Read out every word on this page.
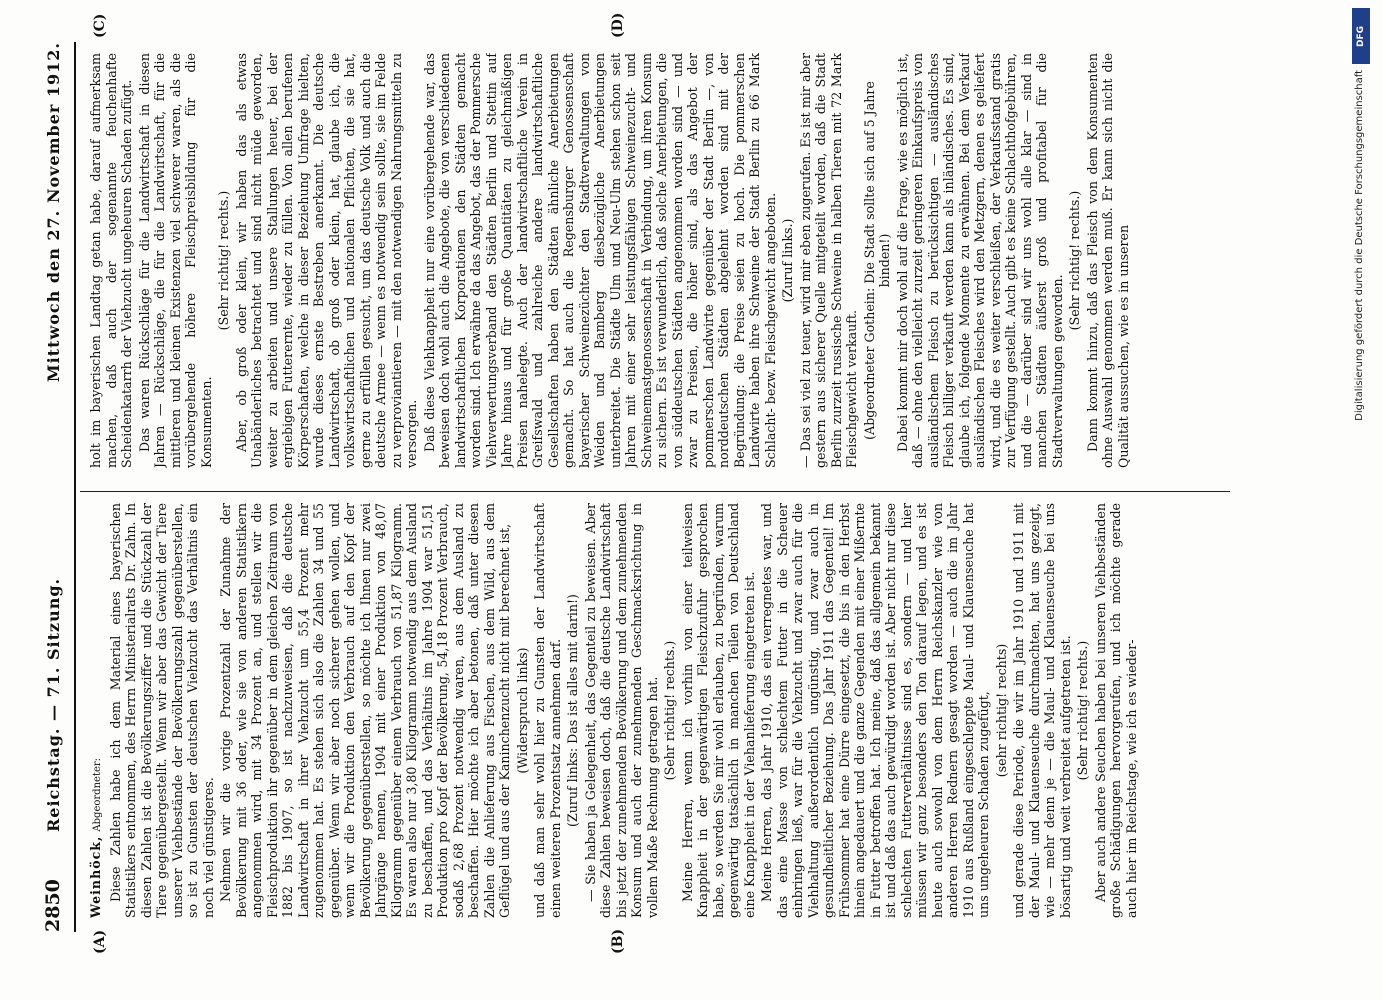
2850
Reichstag. — 71. Sitzung.
Mittwoch den 27. November 1912.
(A)	(B)
(C)	(D)

Weinhöck, Abgeordneter: Diese Zahlen habe ich dem Material eines bayerischen Statistikers entnommen, des Herrn Ministerialrats Dr. Zahn. In diesen Zahlen ist die Bevölkerungsziffer und die Stückzahl der Tiere gegenübergestellt. Wenn wir aber das Gewicht der Tiere unserer Viehbestände der Bevölkerungszahl gegenüberstellen, so ist zu Gunsten der deutschen Viehzucht das Verhältnis ein noch viel günstigeres. Nehmen wir die vorige Prozentzahl der Zunahme der Bevölkerung mit 36 oder, wie sie von anderen Statistikern angenommen wird, mit 34 Prozent an, und stellen wir die Fleischproduktion ihr gegenüber in dem gleichen Zeitraum von 1882 bis 1907, so ist nachzuweisen, daß die deutsche Landwirtschaft in ihrer Viehzucht um 55,4 Prozent mehr zugenommen hat. Es stehen sich also die Zahlen 34 und 55 gegenüber. Wenn wir aber noch sicherer gehen wollen, und wenn wir die Produktion den Verbrauch auf den Kopf der Bevölkerung gegenüberstellen, so möchte ich Ihnen nur zwei Jahrgänge nennen, 1904 mit einer Produktion von 48,07 Kilogramm gegenüber einem Verbrauch von 51,87 Kilogramm. Es waren also nur 3,80 Kilogramm notwendig aus dem Ausland zu beschaffen, und das Verhältnis im Jahre 1904 war 51,51 Produktion pro Kopf der Bevölkerung, 54,18 Prozent Verbrauch, sodaß 2,68 Prozent notwendig waren, aus dem Ausland zu beschaffen. Hier möchte ich aber betonen, daß unter diesen Zahlen die Anlieferung aus Fischen, aus dem Wild, aus dem Geflügel und aus der Kaninchenzucht nicht mit berechnet ist, (Widerspruch links) und daß man sehr wohl hier zu Gunsten der Landwirtschaft einen weiteren Prozentsatz annehmen darf. (Zuruf links: Das ist alles mit darin!) — Sie haben ja Gelegenheit, das Gegenteil zu beweisen. Aber diese Zahlen beweisen doch, daß die deutsche Landwirtschaft bis jetzt der zunehmenden Bevölkerung und dem zunehmenden Konsum und auch der zunehmenden Geschmacksrichtung in vollem Maße Rechnung getragen hat. (Sehr richtig! rechts.) Meine Herren, wenn ich vorhin von einer teilweisen Knappheit in der gegenwärtigen Fleischzufuhr gesprochen habe, so werden Sie mir wohl erlauben, zu begründen, warum gegenwärtig tatsächlich in manchen Teilen von Deutschland eine Knappheit in der Viehanlieferung eingetreten ist. Meine Herren, das Jahr 1910, das ein verregnetes war, und das eine Masse von schlechtem Futter in die Scheuer einbringen ließ, war für die Viehzucht und zwar auch für die Viehhaltung außerordentlich ungünstig, und zwar auch in gesundheitlicher Beziehung. Das Jahr 1911 das Gegenteil! Im Frühsommer hat eine Dürre eingesetzt, die bis in den Herbst hinein angedauert und die ganze Gegenden mit einer Mißernte in Futter betroffen hat. Ich meine, daß das allgemein bekannt ist und daß das auch gewürdigt worden ist. Aber nicht nur diese schlechten Futterverhältnisse sind es, sondern — und hier müssen wir ganz besonders den Ton darauf legen, und es ist heute auch sowohl von dem Herrn Reichskanzler wie von anderen Herren Rednern gesagt worden — auch die im Jahr 1910 aus Rußland eingeschleppte Maul- und Klauenseuche hat uns ungeheuren Schaden zugefügt, (sehr richtig! rechts) und gerade diese Periode, die wir im Jahr 1910 und 1911 mit der Maul- und Klauenseuche durchmachten, hat uns gezeigt, wie — mehr denn je — die Maul- und Klauenseuche bei uns bösartig und weit verbreitet aufgetreten ist. (Sehr richtig! rechts.) Aber auch andere Seuchen haben bei unseren Viehbeständen große Schädigungen hervorgerufen, und ich möchte gerade auch hier im Reichstage, wie ich es wieder-

holt im bayerischen Landtag getan habe, darauf aufmerksam machen, daß auch der sogenannte feuchenhafte Scheidenkatarrh der Viehzucht ungeheuren Schaden zufügt. Das waren Rückschläge für die Landwirtschaft in diesen Jahren — Rückschläge, die für die Landwirtschaft, für die mittleren und kleinen Existenzen viel schwerer waren, als die vorübergehende höhere Fleischpreisbildung für die Konsumenten.

(Sehr richtig! rechts.) Aber, ob groß oder klein, wir haben das als etwas Unabänderliches betrachtet und sind nicht müde geworden, weiter zu arbeiten und unsere Stallungen heuer, bei der ergiebigen Futterernte, wieder zu füllen. Von allen berufenen Körperschaften, welche in dieser Beziehung Umfrage hielten, wurde dieses ernste Bestreben anerkannt. Die deutsche Landwirtschaft, ob groß oder klein, hat, glaube ich, die volkswirtschaftlichen und nationalen Pflichten, die sie hat, gerne zu erfüllen gesucht, um das deutsche Volk und auch die deutsche Armee — wenn es notwendig sein sollte, sie im Felde zu verproviantieren — mit den notwendigen Nahrungsmitteln zu versorgen. Daß diese Viehknappheit nur eine vorübergehende war, das beweisen doch wohl auch die Angebote, die von verschiedenen landwirtschaftlichen Korporationen den Städten gemacht worden sind. Ich erwähne da das Angebot, das der Pommersche Viehverwertungsverband den Städten Berlin und Stettin auf Jahre hinaus und für große Quantitäten zu gleichmäßigen Preisen nahelegte. Auch der landwirtschaftliche Verein in Greifswald und zahlreiche andere landwirtschaftliche Gesellschaften haben den Städten ähnliche Anerbietungen gemacht. So hat auch die Regensburger Genossenschaft bayerischer Schweinezüchter den Stadtverwaltungen von Weiden und Bamberg diesbezügliche Anerbietungen unterbreitet. Die Städte Ulm und Neu-Ulm stehen schon seit Jahren mit einer sehr leistungsfähigen Schweinezucht- und Schweinemastgenossenschaft in Verbindung, um ihren Konsum zu sichern. Es ist verwunderlich, daß solche Anerbietungen, die von süddeutschen Städten angenommen worden sind — und zwar zu Preisen, die höher sind, als das Angebot der pommerschen Landwirte gegenüber der Stadt Berlin —, von norddeutschen Städten abgelehnt worden sind mit der Begründung: die Preise seien zu hoch. Die pommerschen Landwirte haben ihre Schweine der Stadt Berlin zu 66 Mark Schlacht- bezw. Fleischgewicht angeboten. (Zuruf links.) — Das sei viel zu teuer, wird mir eben zugerufen. Es ist mir aber gestern aus sicherer Quelle mitgeteilt worden, daß die Stadt Berlin zurzeit russische Schweine in halben Tieren mit 72 Mark Fleischgewicht verkauft. (Abgeordneter Gothein: Die Stadt sollte sich auf 5 Jahre binden!) Dabei kommt mir doch wohl auf die Frage, wie es möglich ist, daß — ohne den vielleicht zurzeit geringeren Einkaufspreis von ausländischem Fleisch zu berücksichtigen — ausländisches Fleisch billiger verkauft werden kann als inländisches. Es sind, glaube ich, folgende Momente zu erwähnen. Bei dem Verkauf ausländischen Fleisches wird den Metzgern, denen es geliefert wird, und die es weiter verschleißen, der Verkaufsstand gratis zur Verfügung gestellt. Auch gibt es keine Schlachthofgebühren, und die — darüber sind wir uns wohl alle klar — sind in manchen Städten äußerst groß und profitabel für die Stadtverwaltungen geworden.

(Sehr richtig! rechts.) Dann kommt hinzu, daß das Fleisch von dem Konsumenten ohne Auswahl genommen werden muß. Er kann sich nicht die Qualität aussuchen, wie es in unseren

DFG
Digitalisierung gefördert durch die Deutsche Forschungsgemeinschaft
